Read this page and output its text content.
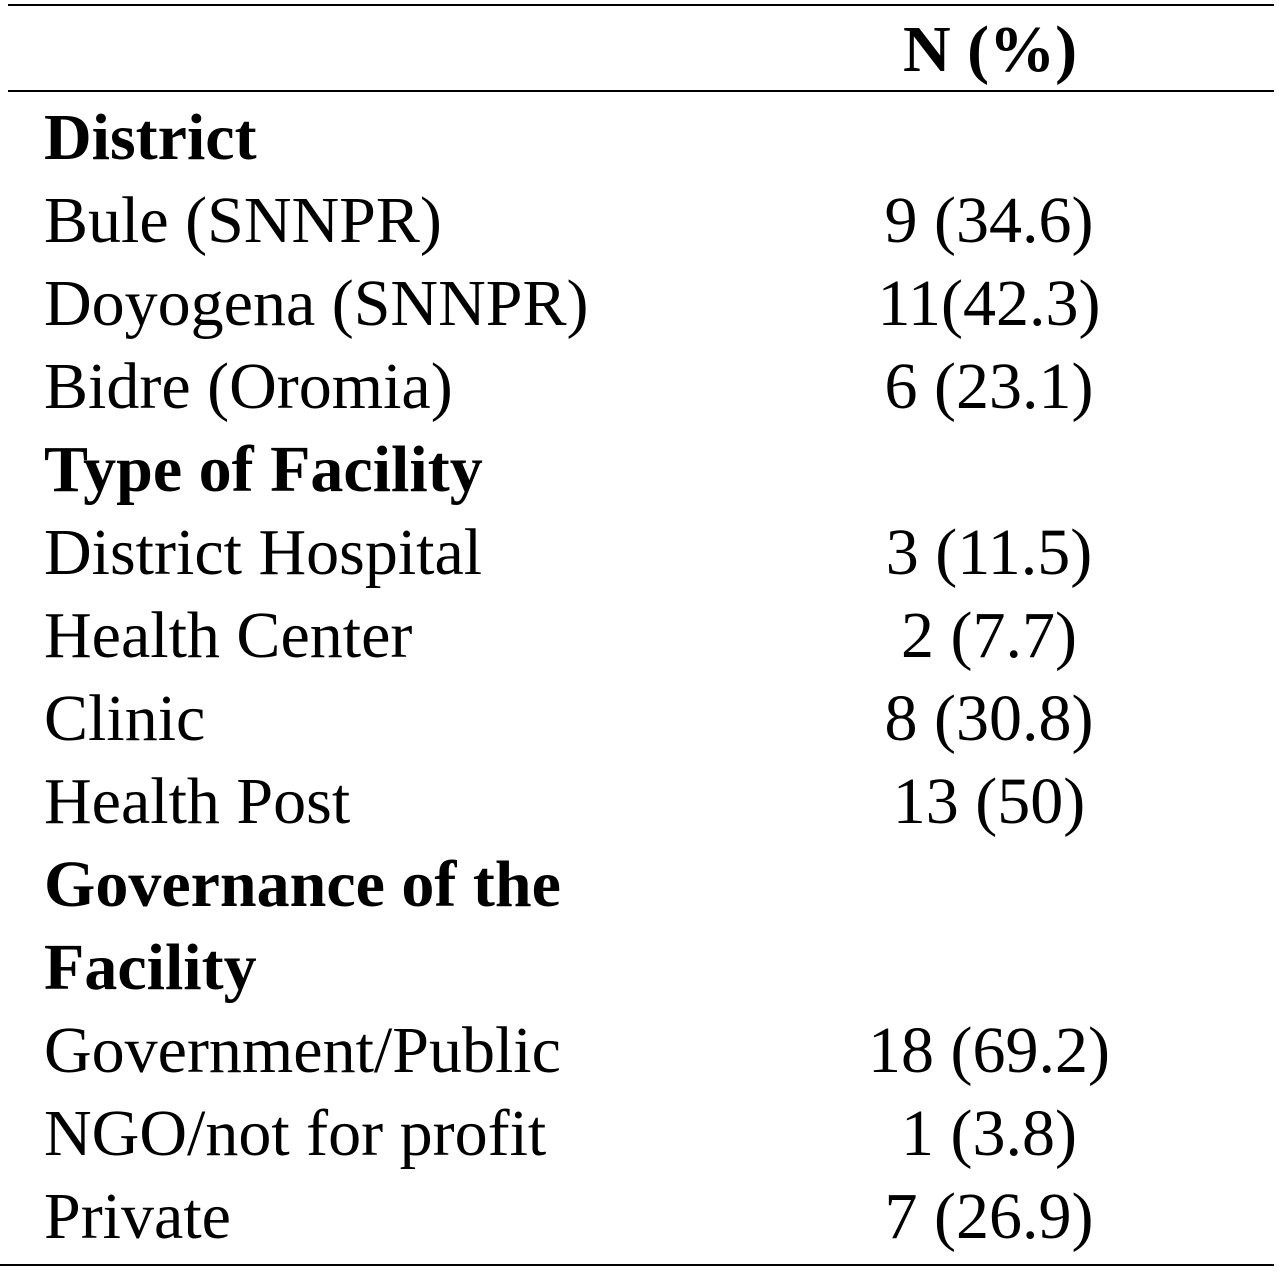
N (%)
District	
Bule (SNNPR)	9 (34.6)
Doyogena (SNNPR)	11(42.3)
Bidre (Oromia)	6 (23.1)
Type of Facility	
District Hospital	3 (11.5)
Health Center	2 (7.7)
Clinic	8 (30.8)
Health Post	13 (50)
Governance of the	
Facility	
Government/Public	18 (69.2)
NGO/not for profit	1 (3.8)
Private	7 (26.9)
